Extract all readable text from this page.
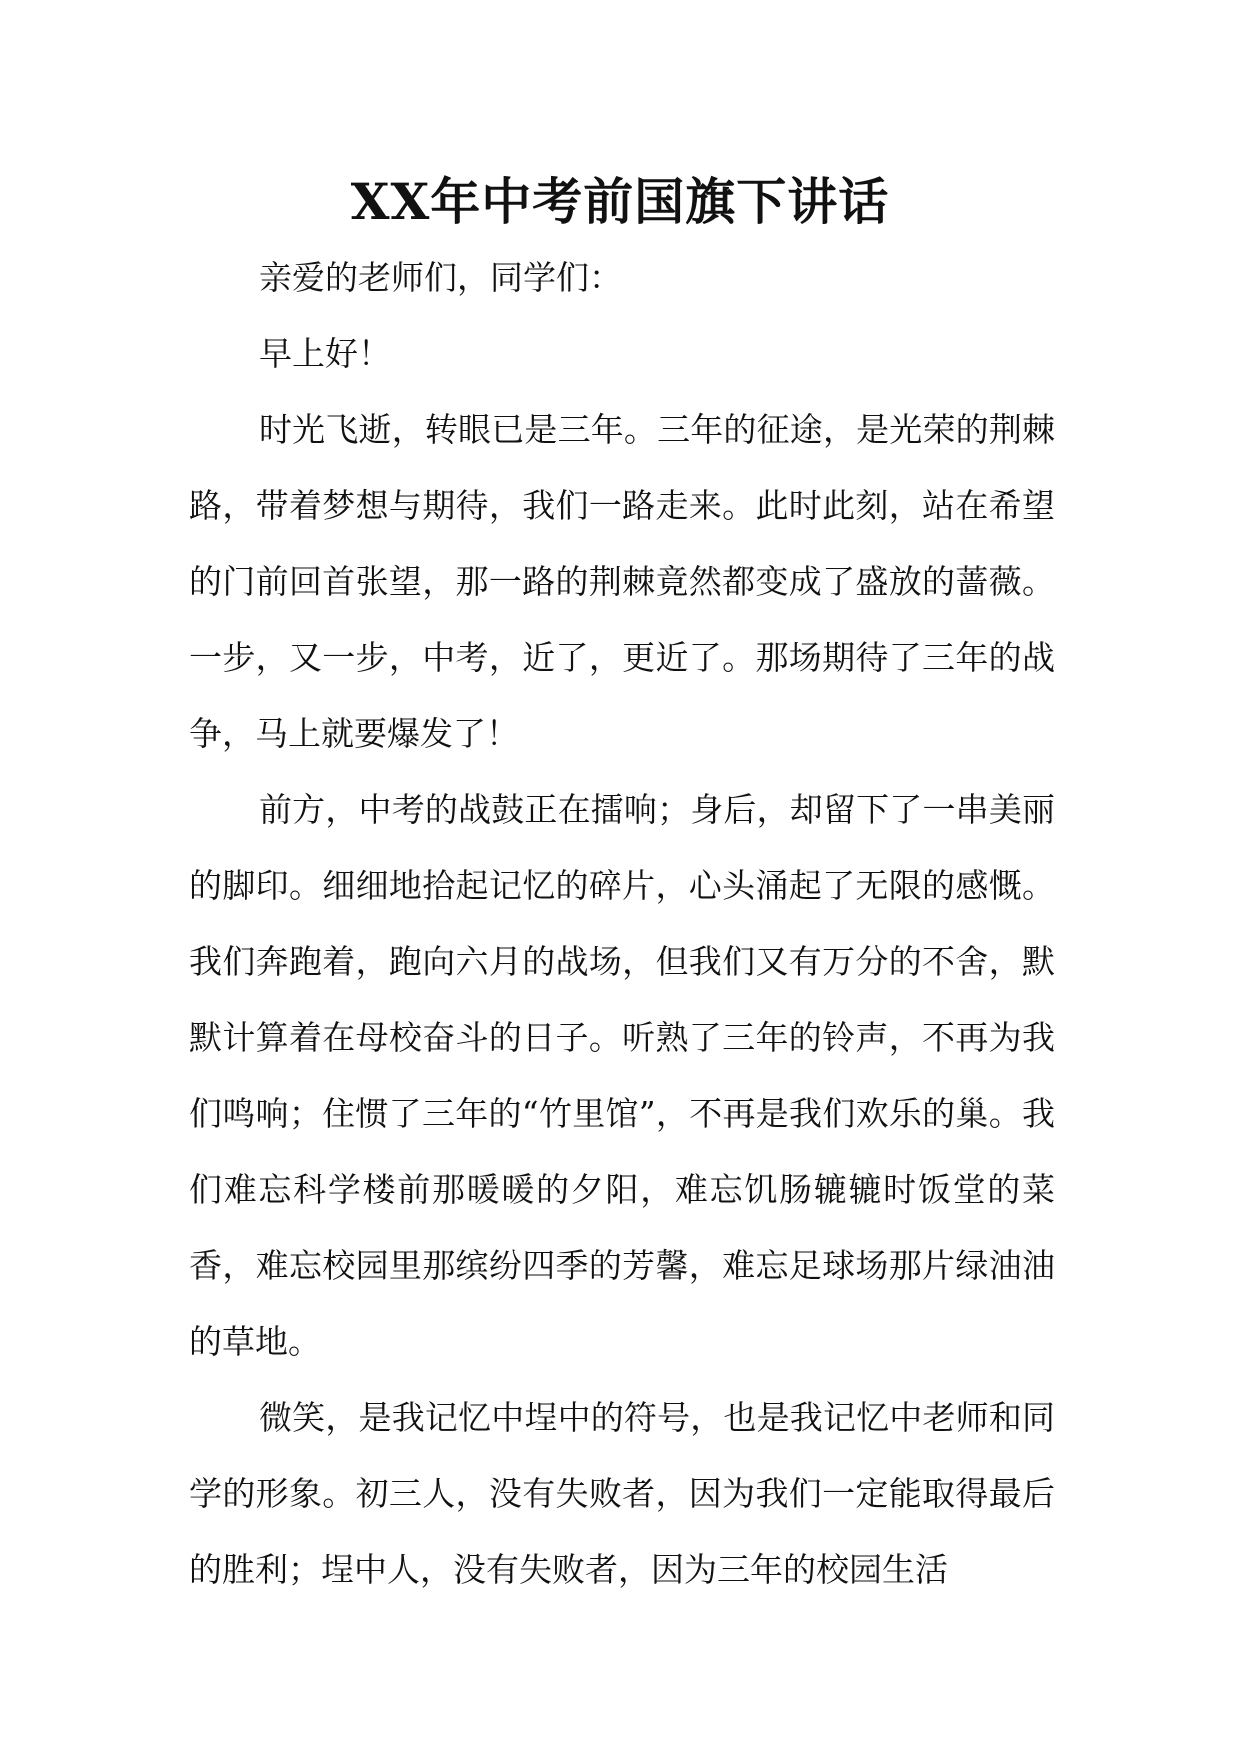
XX年中考前国旗下讲话

亲爱的老师们，同学们：

早上好！

时光飞逝，转眼已是三年。三年的征途，是光荣的荆棘路，带着梦想与期待，我们一路走来。此时此刻，站在希望的门前回首张望，那一路的荆棘竟然都变成了盛放的蔷薇。一步，又一步，中考，近了，更近了。那场期待了三年的战争，马上就要爆发了！

前方，中考的战鼓正在擂响；身后，却留下了一串美丽的脚印。细细地拾起记忆的碎片，心头涌起了无限的感慨。我们奔跑着，跑向六月的战场，但我们又有万分的不舍，默默计算着在母校奋斗的日子。听熟了三年的铃声，不再为我们鸣响；住惯了三年的“竹里馆”，不再是我们欢乐的巢。我们难忘科学楼前那暖暖的夕阳，难忘饥肠辘辘时饭堂的菜香，难忘校园里那缤纷四季的芳馨，难忘足球场那片绿油油的草地。

微笑，是我记忆中埕中的符号，也是我记忆中老师和同学的形象。初三人，没有失败者，因为我们一定能取得最后的胜利；埕中人，没有失败者，因为三年的校园生活
